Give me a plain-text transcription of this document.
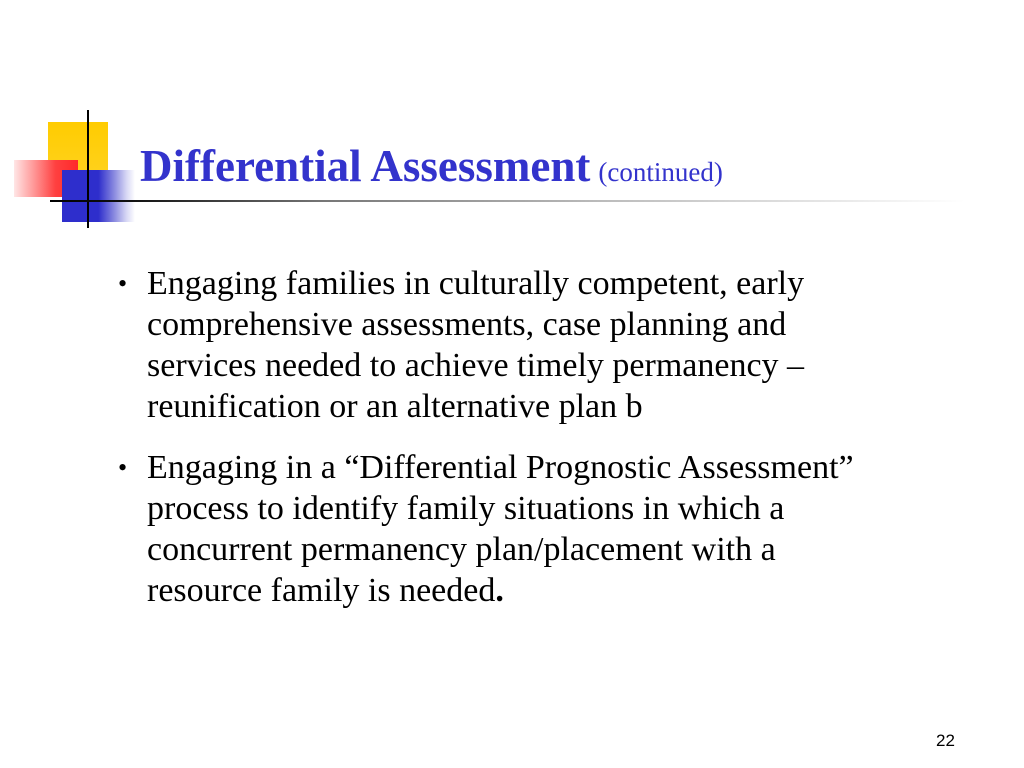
Differential Assessment (continued)
• Engaging families in culturally competent, early comprehensive assessments, case planning and services needed to achieve timely permanency – reunification or an alternative plan b
• Engaging in a “Differential Prognostic Assessment” process to identify family situations in which a concurrent permanency plan/placement with a resource family is needed.
22
